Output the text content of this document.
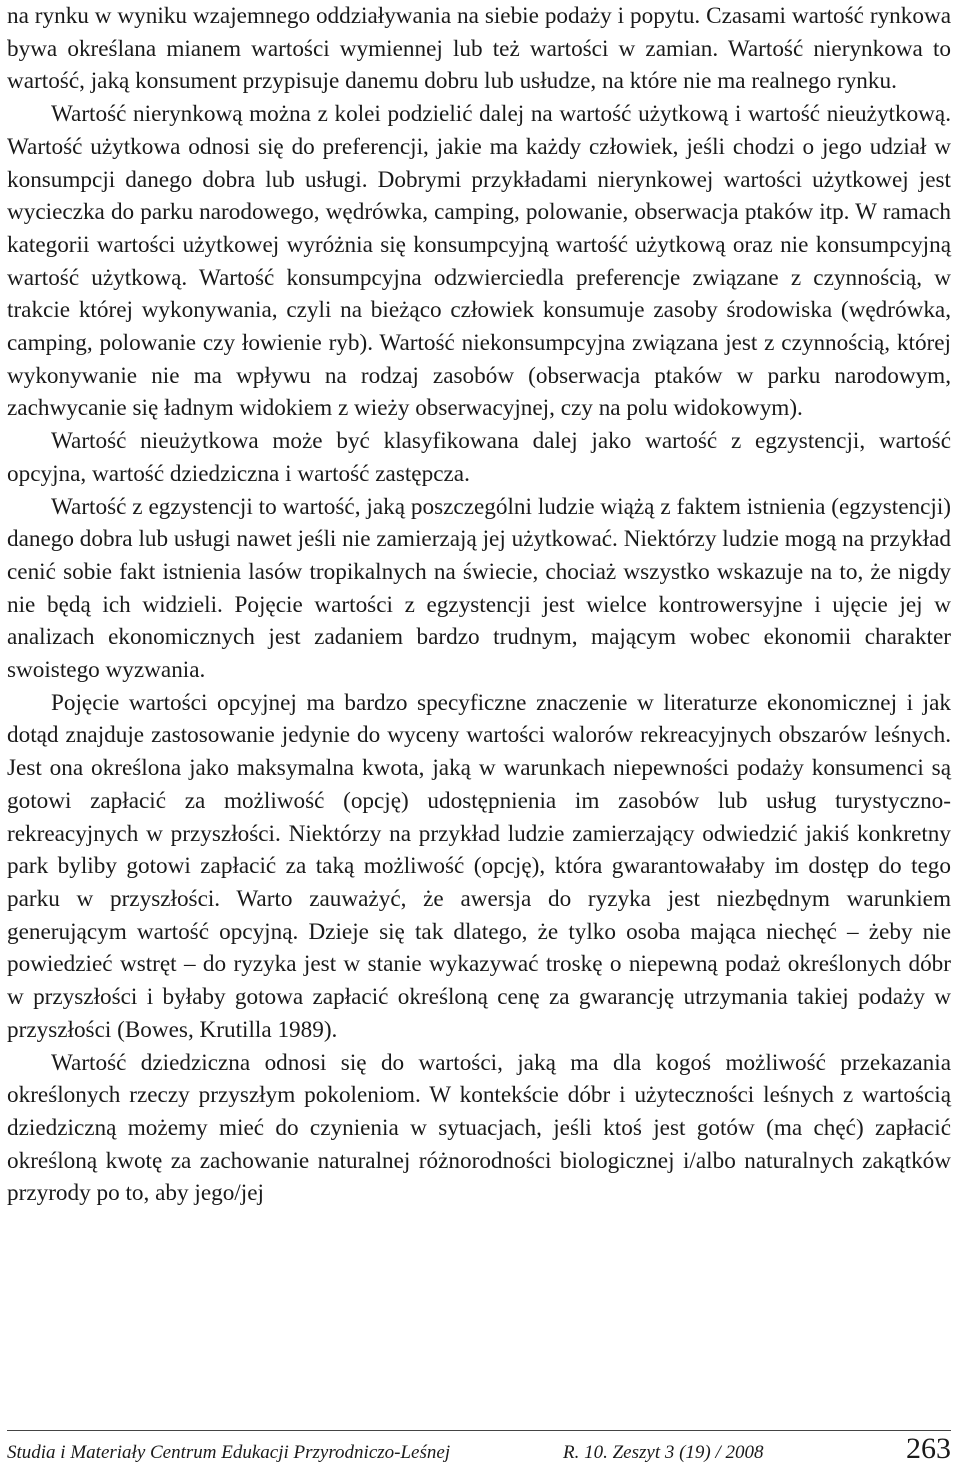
na rynku w wyniku wzajemnego oddziaływania na siebie podaży i popytu. Czasami wartość rynkowa bywa określana mianem wartości wymiennej lub też wartości w zamian. Wartość nierynkowa to wartość, jaką konsument przypisuje danemu dobru lub usłudze, na które nie ma realnego rynku.

Wartość nierynkową można z kolei podzielić dalej na wartość użytkową i wartość nieużytkową. Wartość użytkowa odnosi się do preferencji, jakie ma każdy człowiek, jeśli chodzi o jego udział w konsumpcji danego dobra lub usługi. Dobrymi przykładami nierynkowej wartości użytkowej jest wycieczka do parku narodowego, wędrówka, camping, polowanie, obserwacja ptaków itp. W ramach kategorii wartości użytkowej wyróżnia się konsumpcyjną wartość użytkową oraz nie konsumpcyjną wartość użytkową. Wartość konsumpcyjna odzwierciedla preferencje związane z czynnością, w trakcie której wykonywania, czyli na bieżąco człowiek konsumuje zasoby środowiska (wędrówka, camping, polowanie czy łowienie ryb). Wartość niekonsumpcyjna związana jest z czynnością, której wykonywanie nie ma wpływu na rodzaj zasobów (obserwacja ptaków w parku narodowym, zachwycanie się ładnym widokiem z wieży obserwacyjnej, czy na polu widokowym).

Wartość nieużytkowa może być klasyfikowana dalej jako wartość z egzystencji, wartość opcyjna, wartość dziedziczna i wartość zastępcza.

Wartość z egzystencji to wartość, jaką poszczególni ludzie wiążą z faktem istnienia (egzystencji) danego dobra lub usługi nawet jeśli nie zamierzają jej użytkować. Niektórzy ludzie mogą na przykład cenić sobie fakt istnienia lasów tropikalnych na świecie, chociaż wszystko wskazuje na to, że nigdy nie będą ich widzieli. Pojęcie wartości z egzystencji jest wielce kontrowersyjne i ujęcie jej w analizach ekonomicznych jest zadaniem bardzo trudnym, mającym wobec ekonomii charakter swoistego wyzwania.

Pojęcie wartości opcyjnej ma bardzo specyficzne znaczenie w literaturze ekonomicznej i jak dotąd znajduje zastosowanie jedynie do wyceny wartości walorów rekreacyjnych obszarów leśnych. Jest ona określona jako maksymalna kwota, jaką w warunkach niepewności podaży konsumenci są gotowi zapłacić za możliwość (opcję) udostępnienia im zasobów lub usług turystyczno-rekreacyjnych w przyszłości. Niektórzy na przykład ludzie zamierzający odwiedzić jakiś konkretny park byliby gotowi zapłacić za taką możliwość (opcję), która gwarantowałaby im dostęp do tego parku w przyszłości. Warto zauważyć, że awersja do ryzyka jest niezbędnym warunkiem generującym wartość opcyjną. Dzieje się tak dlatego, że tylko osoba mająca niechęć – żeby nie powiedzieć wstręt – do ryzyka jest w stanie wykazywać troskę o niepewną podaż określonych dóbr w przyszłości i byłaby gotowa zapłacić określoną cenę za gwarancję utrzymania takiej podaży w przyszłości (Bowes, Krutilla 1989).

Wartość dziedziczna odnosi się do wartości, jaką ma dla kogoś możliwość przekazania określonych rzeczy przyszłym pokoleniom. W kontekście dóbr i użyteczności leśnych z wartością dziedziczną możemy mieć do czynienia w sytuacjach, jeśli ktoś jest gotów (ma chęć) zapłacić określoną kwotę za zachowanie naturalnej różnorodności biologicznej i/albo naturalnych zakątków przyrody po to, aby jego/jej

Studia i Materiały Centrum Edukacji Przyrodniczo-Leśnej	R. 10. Zeszyt 3 (19) / 2008	263
